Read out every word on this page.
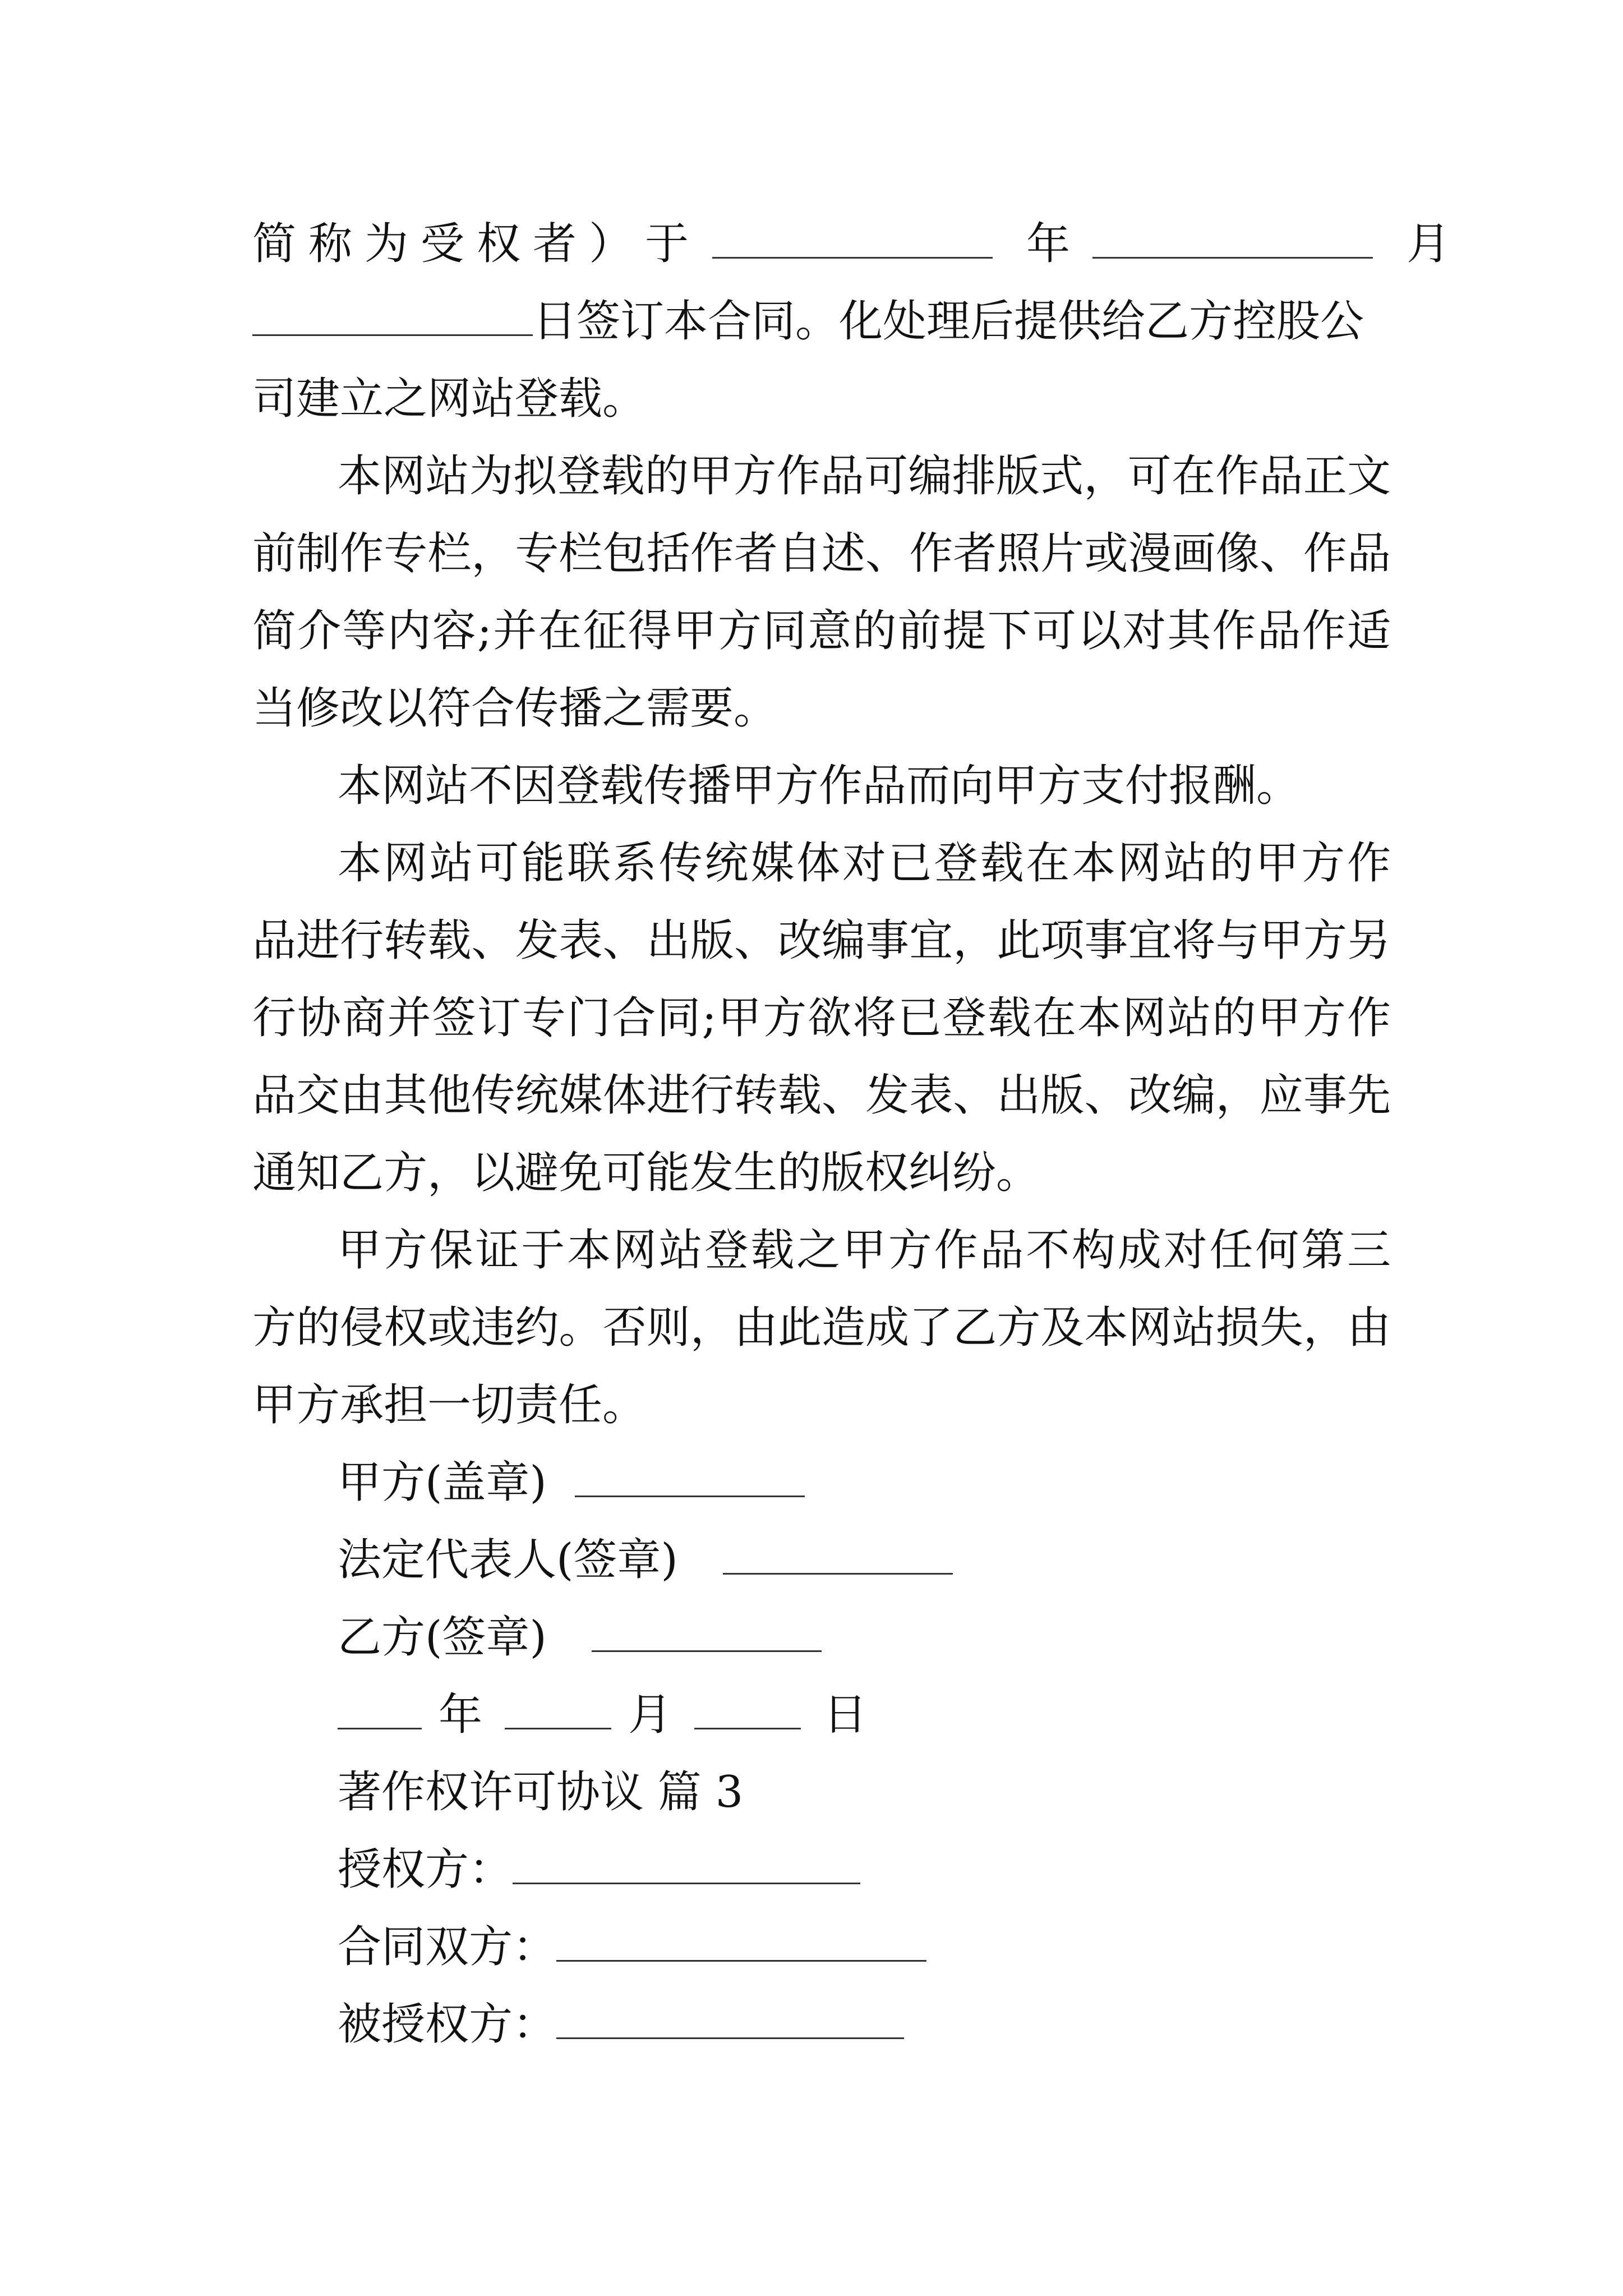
简称为受权者）于	年	月
日签订本合同。化处理后提供给乙方控股公
司建立之网站登载。
本网站为拟登载的甲方作品可编排版式，可在作品正文
前制作专栏，专栏包括作者自述、作者照片或漫画像、作品
简介等内容;并在征得甲方同意的前提下可以对其作品作适
当修改以符合传播之需要。
本网站不因登载传播甲方作品而向甲方支付报酬。
本网站可能联系传统媒体对已登载在本网站的甲方作
品进行转载、发表、出版、改编事宜，此项事宜将与甲方另
行协商并签订专门合同;甲方欲将已登载在本网站的甲方作
品交由其他传统媒体进行转载、发表、出版、改编，应事先
通知乙方，以避免可能发生的版权纠纷。
甲方保证于本网站登载之甲方作品不构成对任何第三
方的侵权或违约。否则，由此造成了乙方及本网站损失，由
甲方承担一切责任。
甲方(盖章)
法定代表人(签章)
乙方(签章)
年	月	日
著作权许可协议 篇 3
授权方：
合同双方：
被授权方：
